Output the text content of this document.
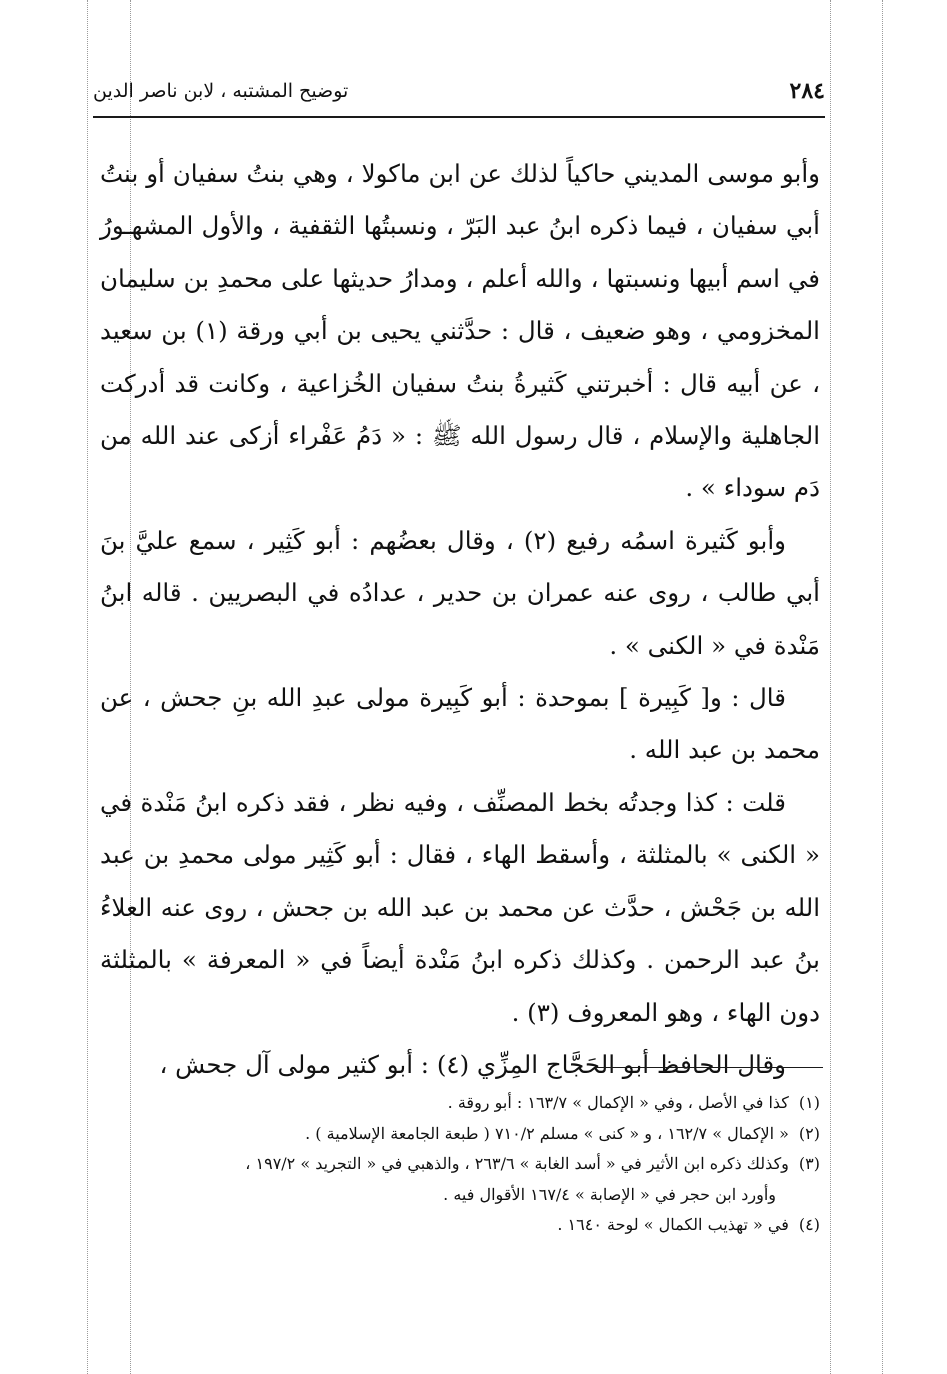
٢٨٤
توضيح المشتبه ، لابن ناصر الدين

وأبو موسى المديني حاكياً لذلك عن ابن ماكولا ، وهي بنتُ سفيان أو بنتُ أبي سفيان ، فيما ذكره ابنُ عبد البَرّ ، ونسبتُها الثقفية ، والأول المشهـورُ في اسم أبيها ونسبتها ، والله أعلم ، ومدارُ حديثها على محمدِ بن سليمان المخزومي ، وهو ضعيف ، قال : حدَّثني يحيى بن أبي ورقة (١) بن سعيد ، عن أبيه قال : أخبرتني كَثيرةُ بنتُ سفيان الخُزاعية ، وكانت قد أدركت الجاهلية والإسلام ، قال رسول الله ﷺ : « دَمُ عَفْراء أزكى عند الله من دَم سوداء » .

وأبو كَثيرة اسمُه رفيع (٢) ، وقال بعضُهم : أبو كَثِير ، سمع عليَّ بنَ أبي طالب ، روى عنه عمران بن حدير ، عدادُه في البصريين . قاله ابنُ مَنْدة في « الكنى » .

قال : و[ كَبِيرة ] بموحدة : أبو كَبِيرة مولى عبدِ الله بنِ جحش ، عن محمد بن عبد الله .

قلت : كذا وجدتُه بخط المصنِّف ، وفيه نظر ، فقد ذكره ابنُ مَنْدة في « الكنى » بالمثلثة ، وأسقط الهاء ، فقال : أبو كَثِير مولى محمدِ بن عبد الله بن جَحْش ، حدَّث عن محمد بن عبد الله بن جحش ، روى عنه العلاءُ بنُ عبد الرحمن . وكذلك ذكره ابنُ مَنْدة أيضاً في « المعرفة » بالمثلثة دون الهاء ، وهو المعروف (٣) .

وقال الحافظ أبو الحَجَّاج المِزِّي (٤) : أبو كثير مولى آل جحش ،

(١) كذا في الأصل ، وفي « الإكمال » ١٦٣/٧ : أبو روقة .
(٢) « الإكمال » ١٦٢/٧ ، و « كنى » مسلم ٧١٠/٢ ( طبعة الجامعة الإسلامية ) .
(٣) وكذلك ذكره ابن الأثير في « أسد الغابة » ٢٦٣/٦ ، والذهبي في « التجريد » ١٩٧/٢ ،
وأورد ابن حجر في « الإصابة » ١٦٧/٤ الأقوال فيه .
(٤) في « تهذيب الكمال » لوحة ١٦٤٠ .
